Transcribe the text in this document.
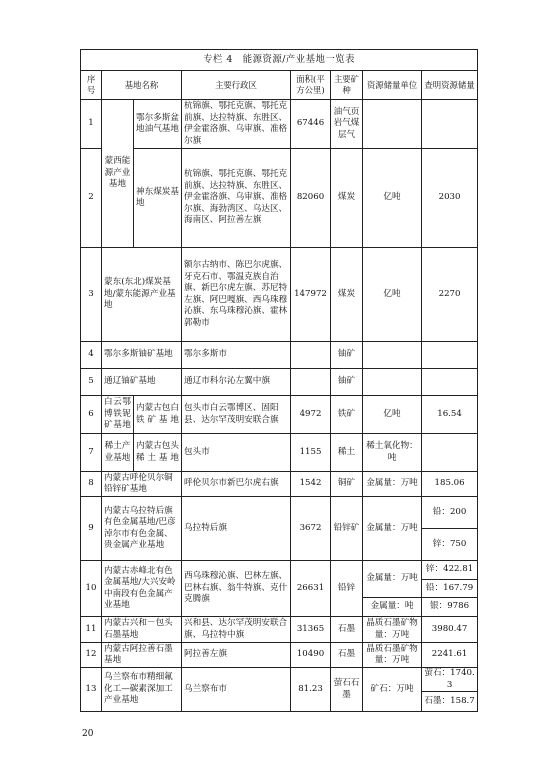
专栏 4　能源资源/产业基地一览表							
序号	基地名称		主要行政区	面积(平方公里)	主要矿种	资源储量单位	查明资源储量
1	蒙西能源产业基地	鄂尔多斯盆地油气基地	杭锦旗、鄂托克旗、鄂托克前旗、达拉特旗、东胜区、伊金霍洛旗、乌审旗、准格尔旗	67446	油气页岩气煤层气		
2		神东煤炭基地	杭锦旗、鄂托克旗、鄂托克前旗、达拉特旗、东胜区、伊金霍洛旗、乌审旗、准格尔旗、海勃湾区、乌达区、海南区、阿拉善左旗	82060	煤炭	亿吨	2030
3	蒙东(东北)煤炭基地/蒙东能源产业基地		额尔古纳市、陈巴尔虎旗、牙克石市、鄂温克族自治旗、新巴尔虎左旗、苏尼特左旗、阿巴嘎旗、西乌珠穆沁旗、东乌珠穆沁旗、霍林郭勒市	147972	煤炭	亿吨	2270
4	鄂尔多斯铀矿基地		鄂尔多斯市		铀矿		
5	通辽铀矿基地		通辽市科尔沁左翼中旗		铀矿		
6	白云鄂博铁铌矿基地	内蒙古包白铁矿基地	包头市白云鄂博区、固阳县、达尔罕茂明安联合旗	4972	铁矿	亿吨	16.54
7	稀土产业基地	内蒙古包头稀土基地	包头市	1155	稀土	稀土氧化物：吨	
8	内蒙古呼伦贝尔铜铅锌矿基地		呼伦贝尔市新巴尔虎右旗	1542	铜矿	金属量：万吨	185.06
9	内蒙古乌拉特后旗有色金属基地/巴彦淖尔市有色金属、贵金属产业基地		乌拉特后旗	3672	铅锌矿	金属量：万吨	铅：200
							锌：750
10	内蒙古赤峰北有色金属基地/大兴安岭中南段有色金属产业基地		西乌珠穆沁旗、巴林左旗、巴林右旗、翁牛特旗、克什克腾旗	26631	铅锌	金属量：万吨	锌：422.81
							铅：167.79
						金属量：吨	银：9786
11	内蒙古兴和－包头石墨基地		兴和县、达尔罕茂明安联合旗、乌拉特中旗	31365	石墨	晶质石墨矿物量：万吨	3980.47
12	内蒙古阿拉善石墨基地		阿拉善左旗	10490	石墨	晶质石墨矿物量：万吨	2241.61
13	乌兰察布市精细氟化工—碳素深加工产业基地		乌兰察布市	81.23	萤石石墨	矿石：万吨	萤石：1740.3
							石墨：158.7
20
